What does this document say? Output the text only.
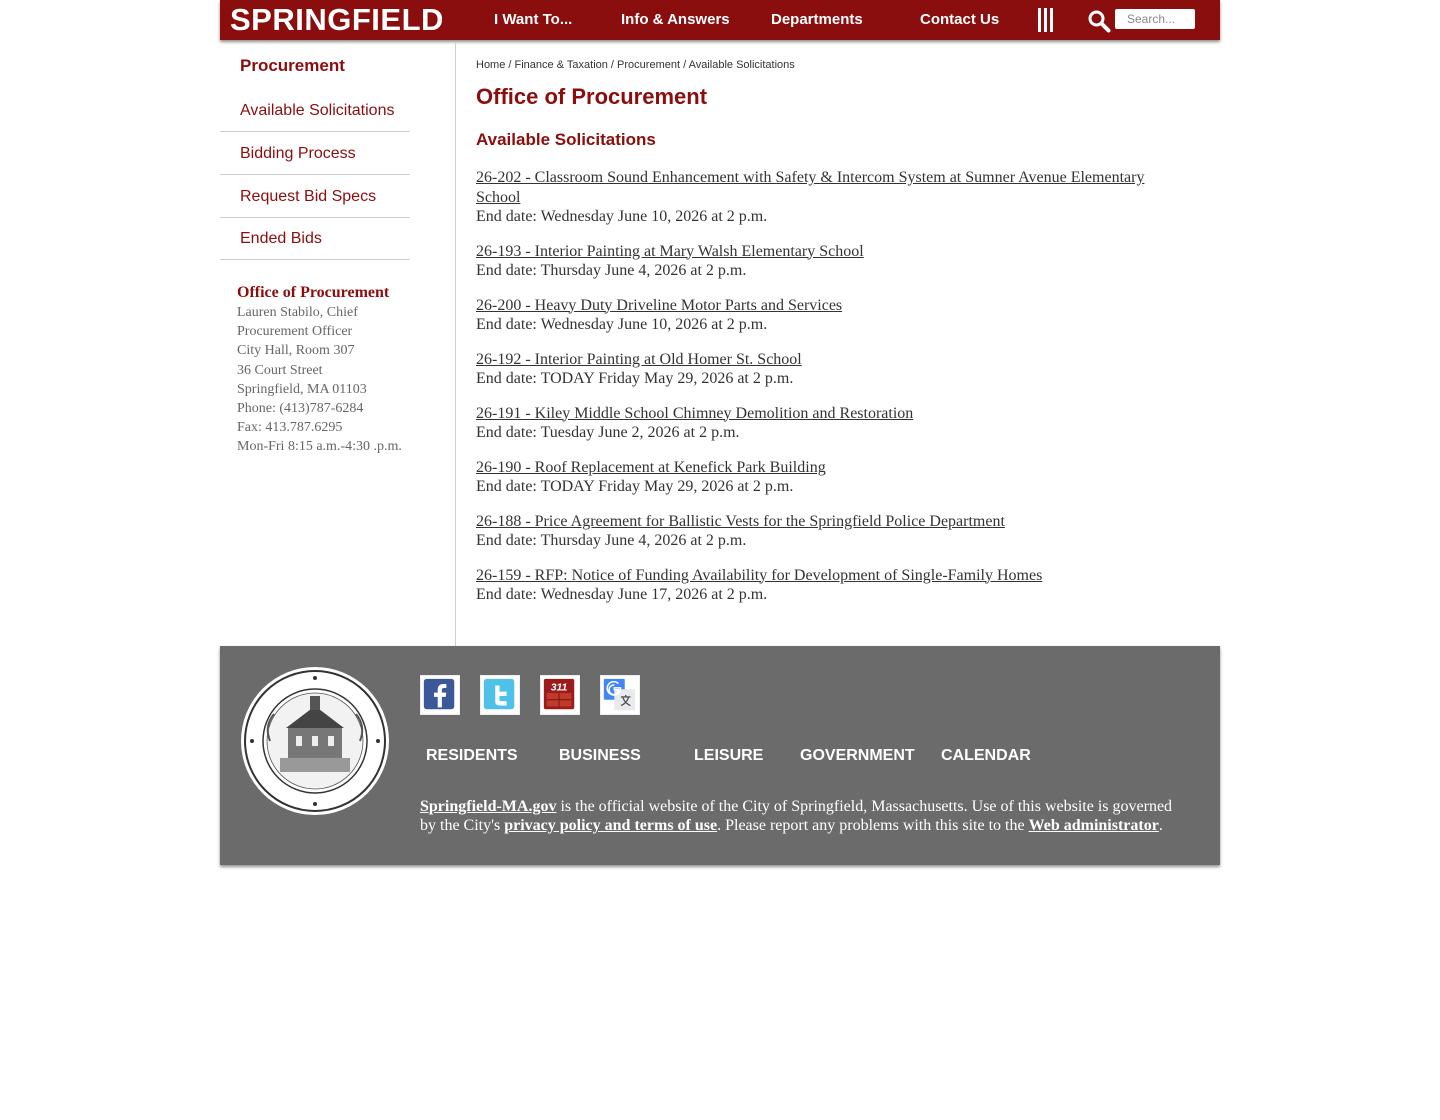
SPRINGFIELD	I Want To...	Info & Answers	Departments	Contact Us
Search...
Procurement
Available Solicitations
Bidding Process
Request Bid Specs
Ended Bids
Office of Procurement
Lauren Stabilo, Chief
Procurement Officer
City Hall, Room 307
36 Court Street
Springfield, MA 01103
Phone: (413)787-6284
Fax: 413.787.6295
Mon-Fri 8:15 a.m.-4:30 .p.m.
Home / Finance & Taxation / Procurement / Available Solicitations
Office of Procurement
Available Solicitations
26-202 - Classroom Sound Enhancement with Safety & Intercom System at Sumner Avenue Elementary School
End date: Wednesday June 10, 2026 at 2 p.m.
26-193 - Interior Painting at Mary Walsh Elementary School
End date: Thursday June 4, 2026 at 2 p.m.
26-200 - Heavy Duty Driveline Motor Parts and Services
End date: Wednesday June 10, 2026 at 2 p.m.
26-192 - Interior Painting at Old Homer St. School
End date: TODAY Friday May 29, 2026 at 2 p.m.
26-191 - Kiley Middle School Chimney Demolition and Restoration
End date: Tuesday June 2, 2026 at 2 p.m.
26-190 - Roof Replacement at Kenefick Park Building
End date: TODAY Friday May 29, 2026 at 2 p.m.
26-188 - Price Agreement for Ballistic Vests for the Springfield Police Department
End date: Thursday June 4, 2026 at 2 p.m.
26-159 - RFP: Notice of Funding Availability for Development of Single-Family Homes
End date: Wednesday June 17, 2026 at 2 p.m.
311
RESIDENTS	BUSINESS	LEISURE GOVERNMENT CALENDAR
Springfield-MA.gov is the official website of the City of Springfield, Massachusetts. Use of this website is governed by the City's privacy policy and terms of use. Please report any problems with this site to the Web administrator.
